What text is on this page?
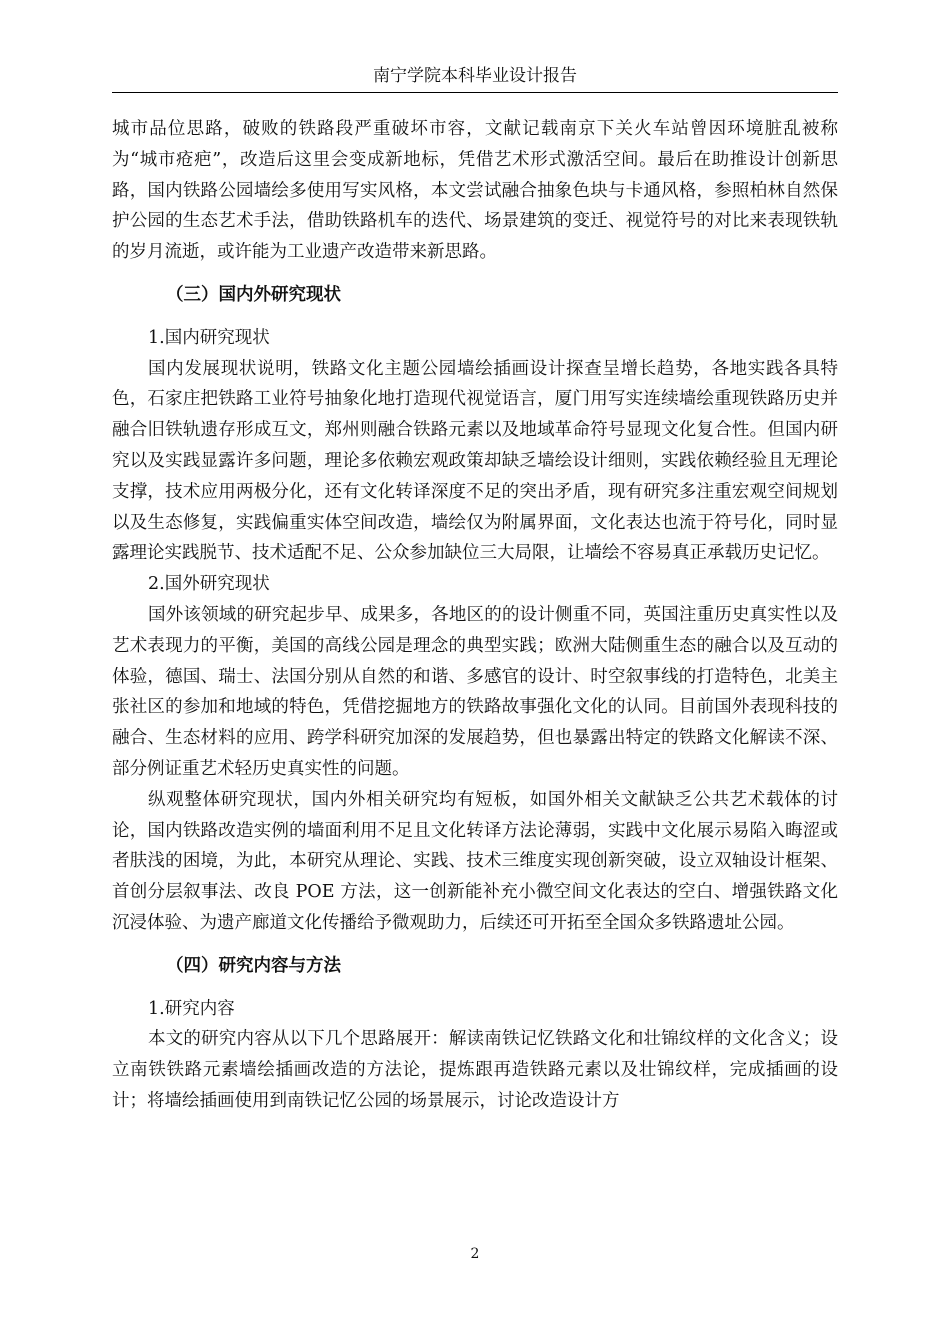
南宁学院本科毕业设计报告

城市品位思路，破败的铁路段严重破坏市容，文献记载南京下关火车站曾因环境脏乱被称为“城市疮疤”，改造后这里会变成新地标，凭借艺术形式激活空间。最后在助推设计创新思路，国内铁路公园墙绘多使用写实风格，本文尝试融合抽象色块与卡通风格，参照柏林自然保护公园的生态艺术手法，借助铁路机车的迭代、场景建筑的变迁、视觉符号的对比来表现铁轨的岁月流逝，或许能为工业遗产改造带来新思路。

（三）国内外研究现状

1.国内研究现状

国内发展现状说明，铁路文化主题公园墙绘插画设计探查呈增长趋势，各地实践各具特色，石家庄把铁路工业符号抽象化地打造现代视觉语言，厦门用写实连续墙绘重现铁路历史并融合旧铁轨遗存形成互文，郑州则融合铁路元素以及地域革命符号显现文化复合性。但国内研究以及实践显露许多问题，理论多依赖宏观政策却缺乏墙绘设计细则，实践依赖经验且无理论支撑，技术应用两极分化，还有文化转译深度不足的突出矛盾，现有研究多注重宏观空间规划以及生态修复，实践偏重实体空间改造，墙绘仅为附属界面，文化表达也流于符号化，同时显露理论实践脱节、技术适配不足、公众参加缺位三大局限，让墙绘不容易真正承载历史记忆。

2.国外研究现状

国外该领域的研究起步早、成果多，各地区的的设计侧重不同，英国注重历史真实性以及艺术表现力的平衡，美国的高线公园是理念的典型实践；欧洲大陆侧重生态的融合以及互动的体验，德国、瑞士、法国分别从自然的和谐、多感官的设计、时空叙事线的打造特色，北美主张社区的参加和地域的特色，凭借挖掘地方的铁路故事强化文化的认同。目前国外表现科技的融合、生态材料的应用、跨学科研究加深的发展趋势，但也暴露出特定的铁路文化解读不深、部分例证重艺术轻历史真实性的问题。

纵观整体研究现状，国内外相关研究均有短板，如国外相关文献缺乏公共艺术载体的讨论，国内铁路改造实例的墙面利用不足且文化转译方法论薄弱，实践中文化展示易陷入晦涩或者肤浅的困境，为此，本研究从理论、实践、技术三维度实现创新突破，设立双轴设计框架、首创分层叙事法、改良 POE 方法，这一创新能补充小微空间文化表达的空白、增强铁路文化沉浸体验、为遗产廊道文化传播给予微观助力，后续还可开拓至全国众多铁路遗址公园。

（四）研究内容与方法

1.研究内容

本文的研究内容从以下几个思路展开：解读南铁记忆铁路文化和壮锦纹样的文化含义；设立南铁铁路元素墙绘插画改造的方法论，提炼跟再造铁路元素以及壮锦纹样，完成插画的设计；将墙绘插画使用到南铁记忆公园的场景展示，讨论改造设计方

2
